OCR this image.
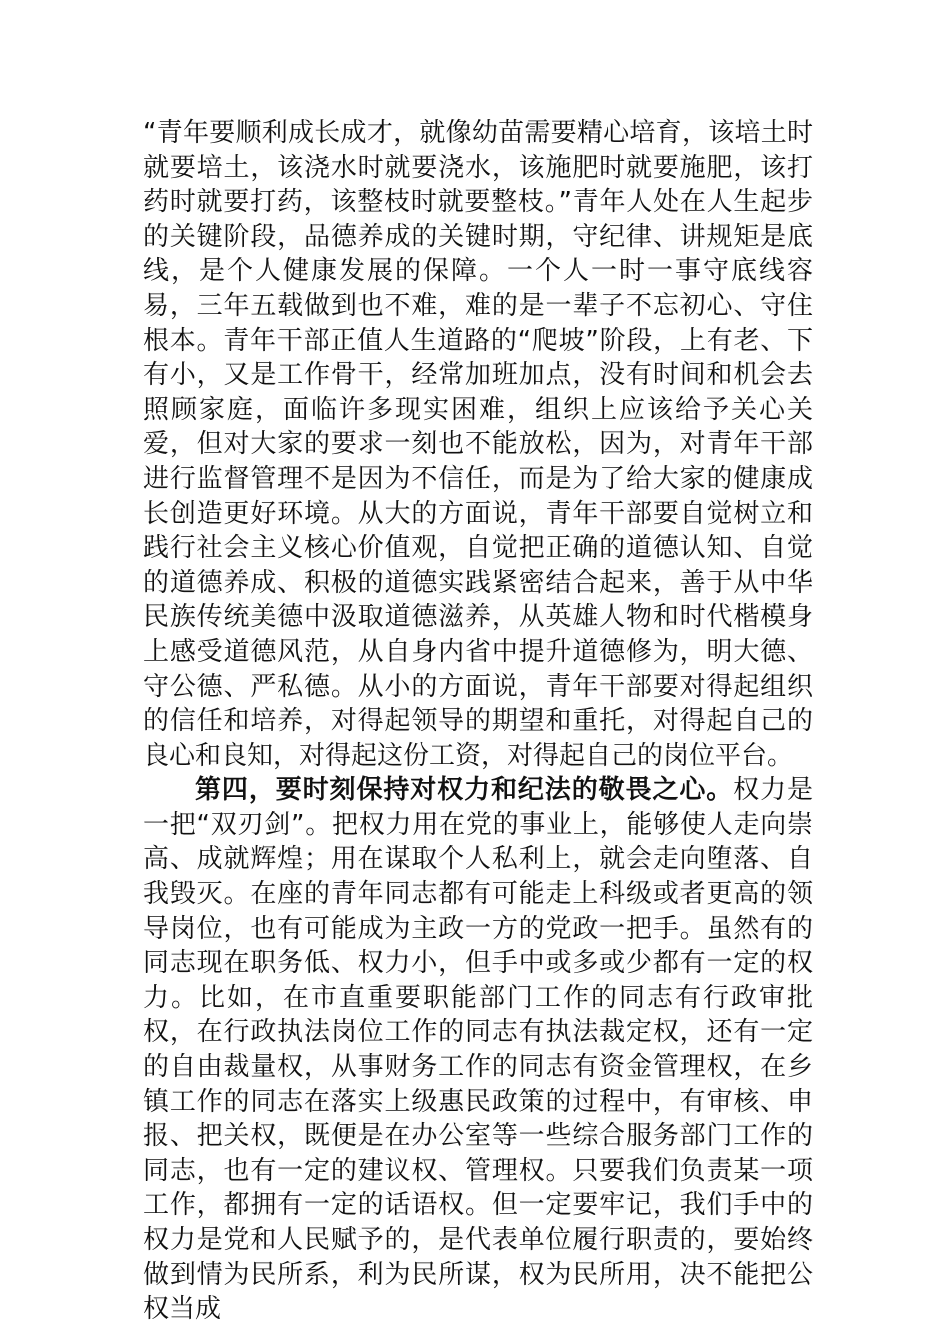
“青年要顺利成长成才，就像幼苗需要精心培育，该培土时就要培土，该浇水时就要浇水，该施肥时就要施肥，该打药时就要打药，该整枝时就要整枝。”青年人处在人生起步的关键阶段，品德养成的关键时期，守纪律、讲规矩是底线，是个人健康发展的保障。一个人一时一事守底线容易，三年五载做到也不难，难的是一辈子不忘初心、守住根本。青年干部正值人生道路的“爬坡”阶段，上有老、下有小，又是工作骨干，经常加班加点，没有时间和机会去照顾家庭，面临许多现实困难，组织上应该给予关心关爱，但对大家的要求一刻也不能放松，因为，对青年干部进行监督管理不是因为不信任，而是为了给大家的健康成长创造更好环境。从大的方面说，青年干部要自觉树立和践行社会主义核心价值观，自觉把正确的道德认知、自觉的道德养成、积极的道德实践紧密结合起来，善于从中华民族传统美德中汲取道德滋养，从英雄人物和时代楷模身上感受道德风范，从自身内省中提升道德修为，明大德、守公德、严私德。从小的方面说，青年干部要对得起组织的信任和培养，对得起领导的期望和重托，对得起自己的良心和良知，对得起这份工资，对得起自己的岗位平台。

第四，要时刻保持对权力和纪法的敬畏之心。权力是一把“双刃剑”。把权力用在党的事业上，能够使人走向崇高、成就辉煌；用在谋取个人私利上，就会走向堕落、自我毁灭。在座的青年同志都有可能走上科级或者更高的领导岗位，也有可能成为主政一方的党政一把手。虽然有的同志现在职务低、权力小，但手中或多或少都有一定的权力。比如，在市直重要职能部门工作的同志有行政审批权，在行政执法岗位工作的同志有执法裁定权，还有一定的自由裁量权，从事财务工作的同志有资金管理权，在乡镇工作的同志在落实上级惠民政策的过程中，有审核、申报、把关权，既便是在办公室等一些综合服务部门工作的同志，也有一定的建议权、管理权。只要我们负责某一项工作，都拥有一定的话语权。但一定要牢记，我们手中的权力是党和人民赋予的，是代表单位履行职责的，要始终做到情为民所系，利为民所谋，权为民所用，决不能把公权当成
